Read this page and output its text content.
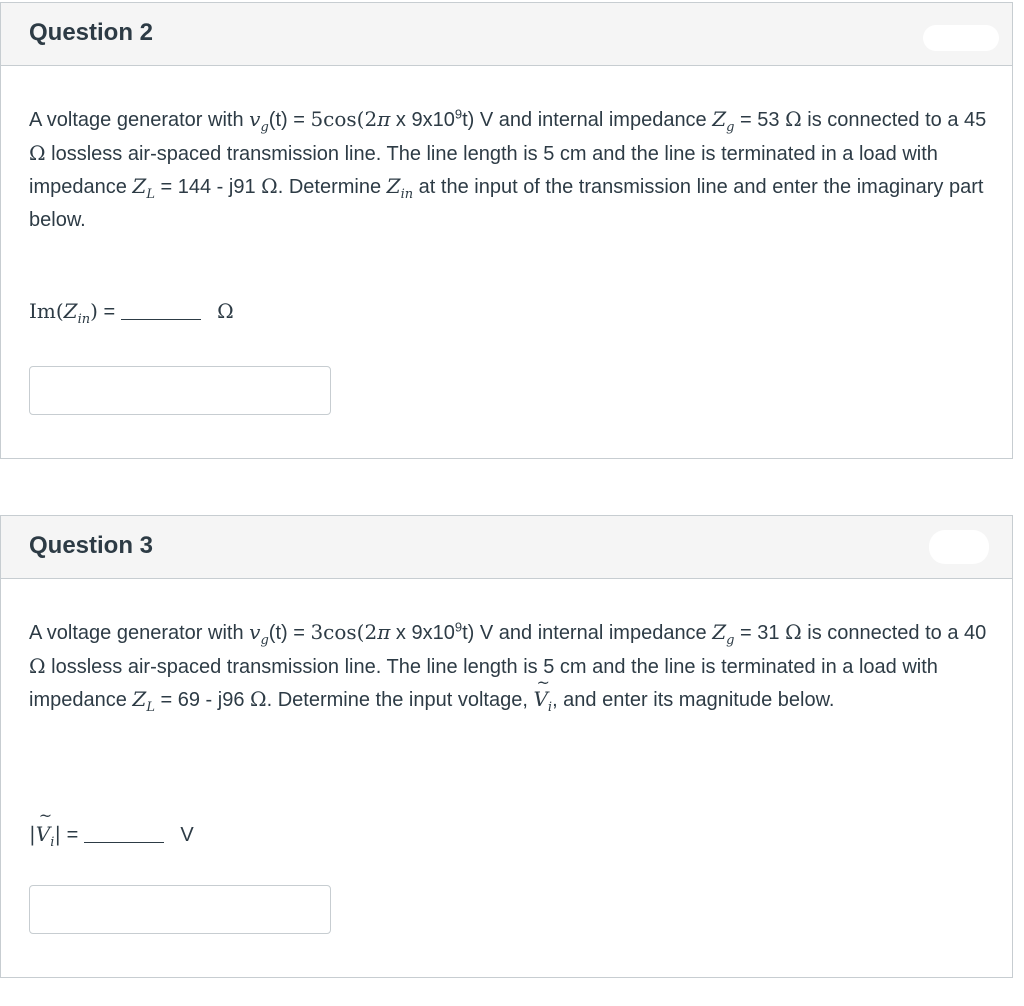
Question 2
A voltage generator with $v_g(t) = 5\cos(2\pi$ x $9x10^9t$) V and internal impedance $Z_g = 53$ Ω is connected to a 45 Ω lossless air-spaced transmission line. The line length is 5 cm and the line is terminated in a load with impedance $Z_L = 144 - j91$ Ω. Determine $Z_{in}$ at the input of the transmission line and enter the imaginary part below.
$Im(Z_{in})$ =	Ω
Question 3
A voltage generator with $v_g(t) = 3\cos(2\pi$ x $9x10^9t$) V and internal impedance $Z_g = 31$ Ω is connected to a 40 Ω lossless air-spaced transmission line. The line length is 5 cm and the line is terminated in a load with impedance $Z_L = 69 - j96$ Ω. Determine the input voltage, ~ $V_i$, and enter its magnitude below.
|~ $V_i|$ =	V
